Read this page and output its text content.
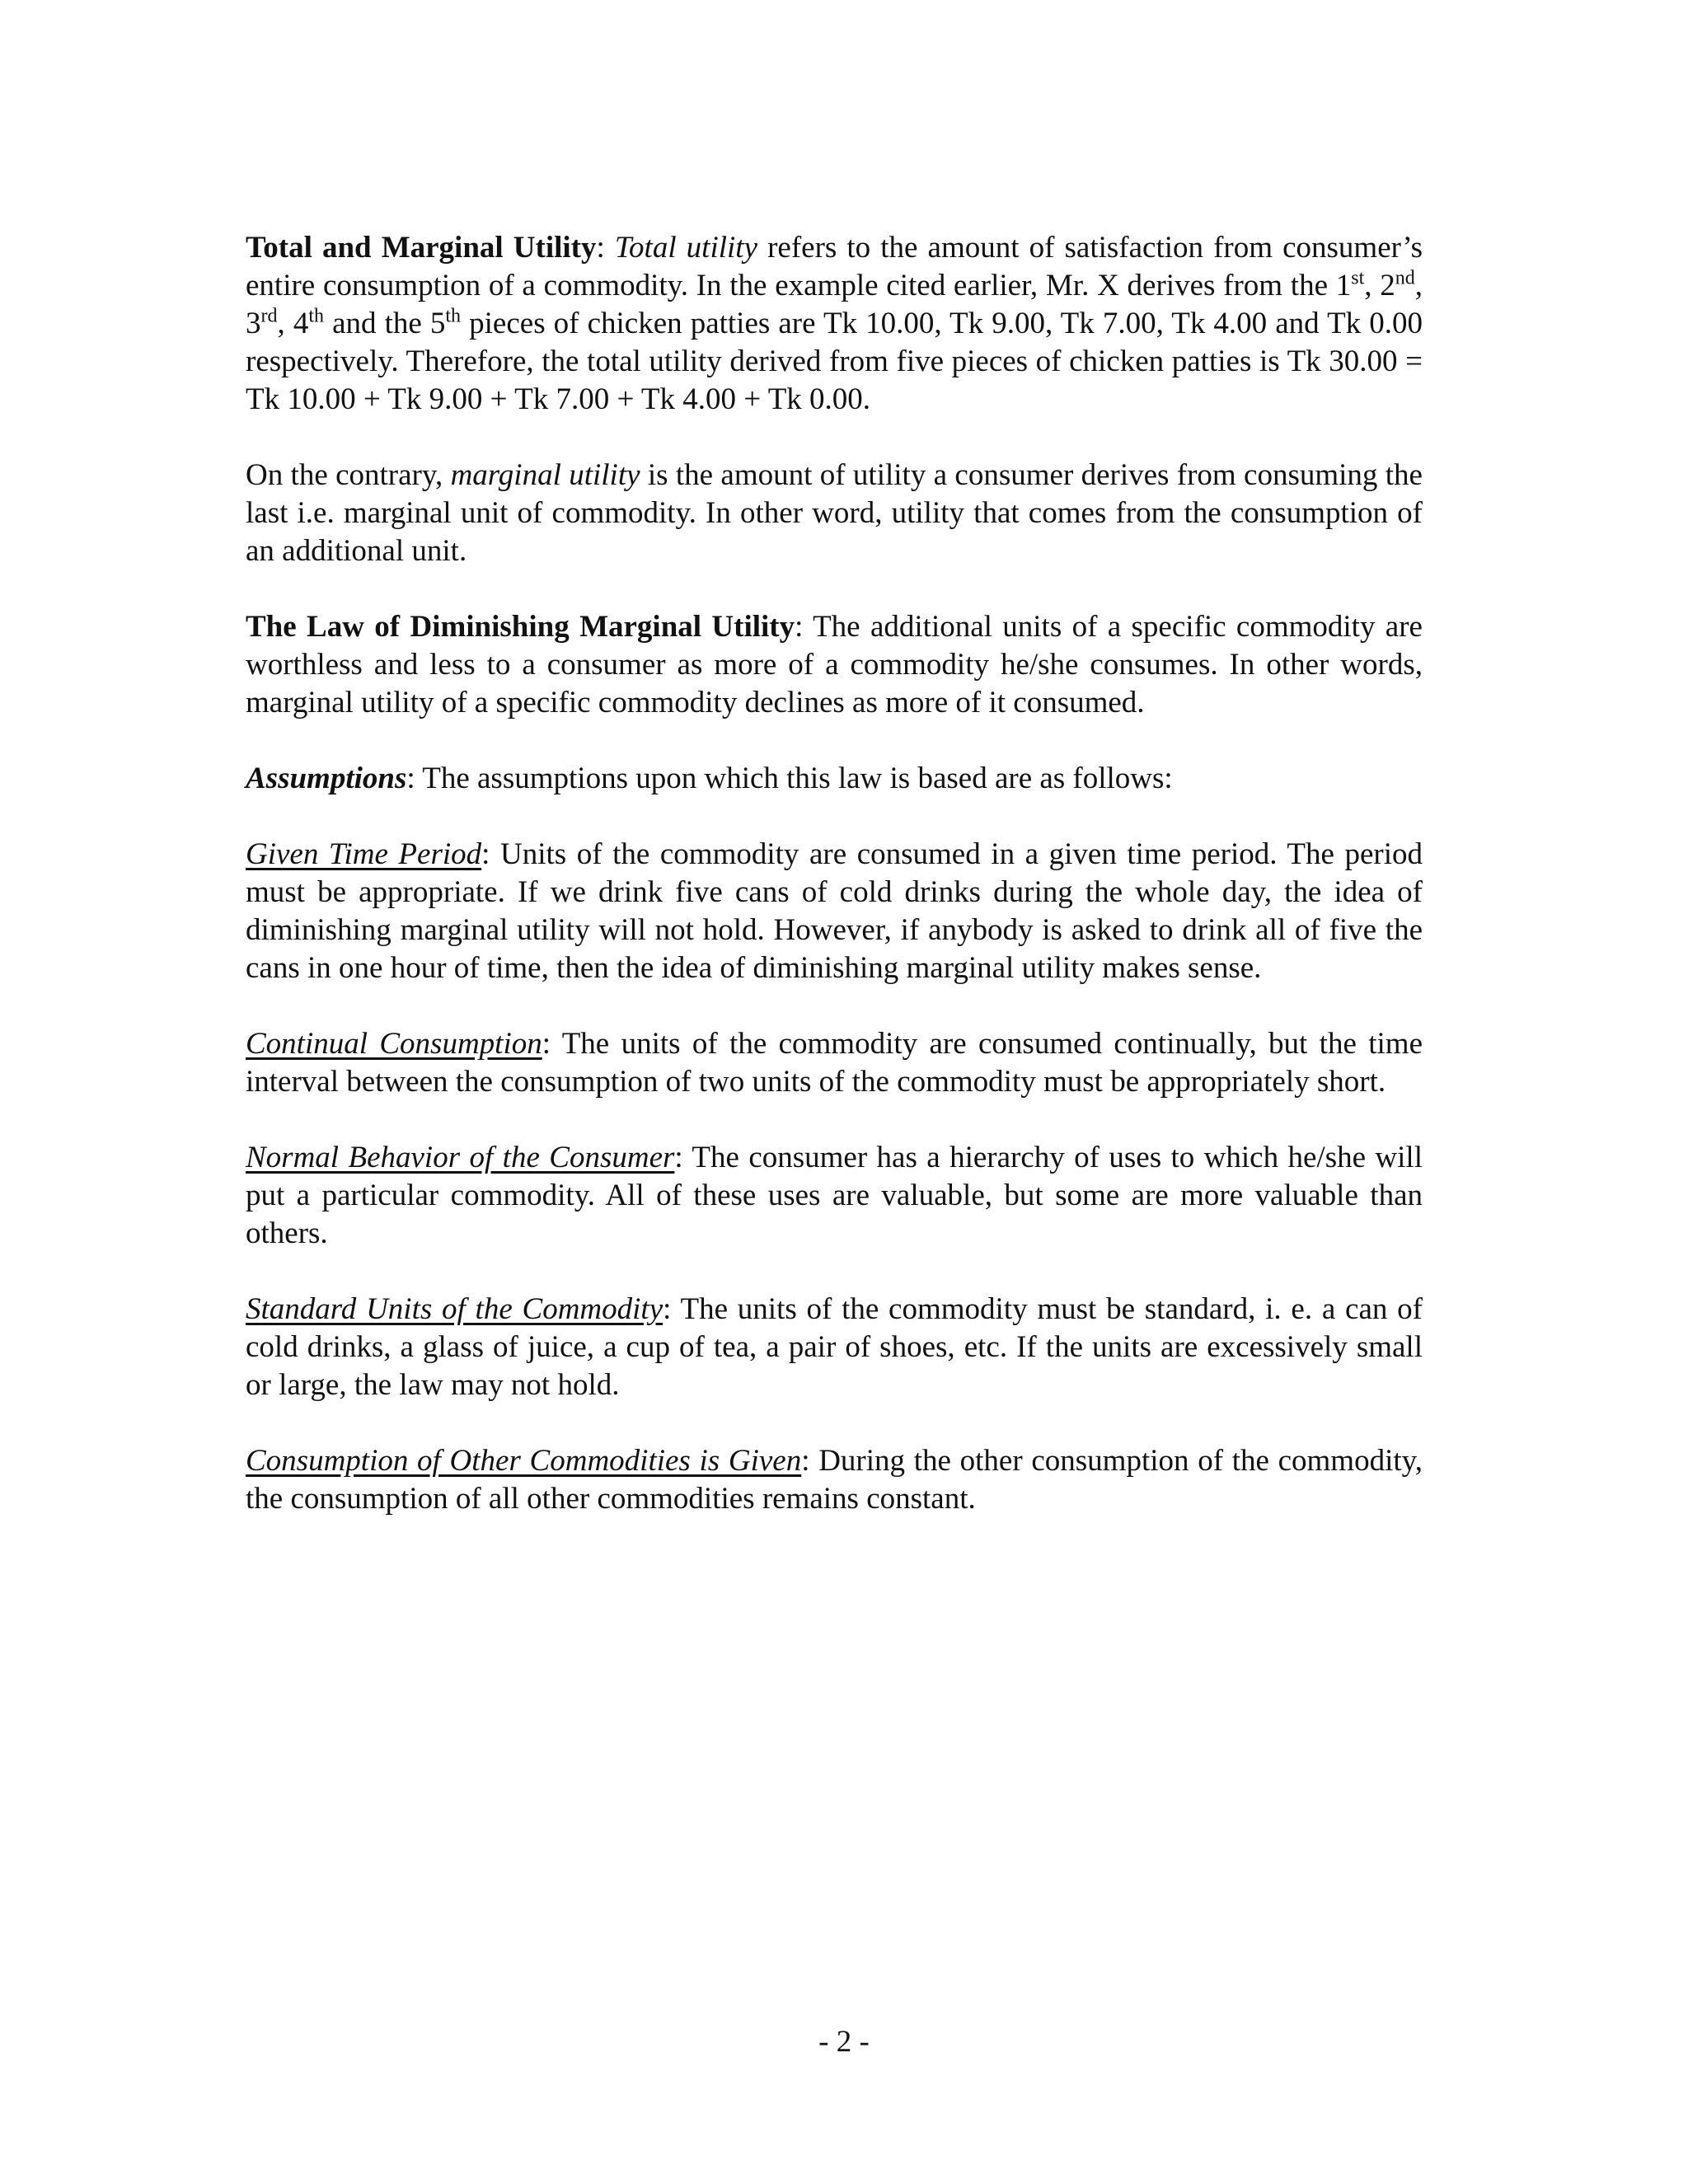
Total and Marginal Utility: Total utility refers to the amount of satisfaction from consumer’s entire consumption of a commodity. In the example cited earlier, Mr. X derives from the 1st, 2nd, 3rd, 4th and the 5th pieces of chicken patties are Tk 10.00, Tk 9.00, Tk 7.00, Tk 4.00 and Tk 0.00 respectively. Therefore, the total utility derived from five pieces of chicken patties is Tk 30.00 = Tk 10.00 + Tk 9.00 + Tk 7.00 + Tk 4.00 + Tk 0.00.

On the contrary, marginal utility is the amount of utility a consumer derives from consuming the last i.e. marginal unit of commodity. In other word, utility that comes from the consumption of an additional unit.

The Law of Diminishing Marginal Utility: The additional units of a specific commodity are worthless and less to a consumer as more of a commodity he/she consumes. In other words, marginal utility of a specific commodity declines as more of it consumed.

Assumptions: The assumptions upon which this law is based are as follows:

Given Time Period: Units of the commodity are consumed in a given time period. The period must be appropriate. If we drink five cans of cold drinks during the whole day, the idea of diminishing marginal utility will not hold. However, if anybody is asked to drink all of five the cans in one hour of time, then the idea of diminishing marginal utility makes sense.

Continual Consumption: The units of the commodity are consumed continually, but the time interval between the consumption of two units of the commodity must be appropriately short.

Normal Behavior of the Consumer: The consumer has a hierarchy of uses to which he/she will put a particular commodity. All of these uses are valuable, but some are more valuable than others.

Standard Units of the Commodity: The units of the commodity must be standard, i. e. a can of cold drinks, a glass of juice, a cup of tea, a pair of shoes, etc. If the units are excessively small or large, the law may not hold.

Consumption of Other Commodities is Given: During the other consumption of the commodity, the consumption of all other commodities remains constant.

- 2 -
